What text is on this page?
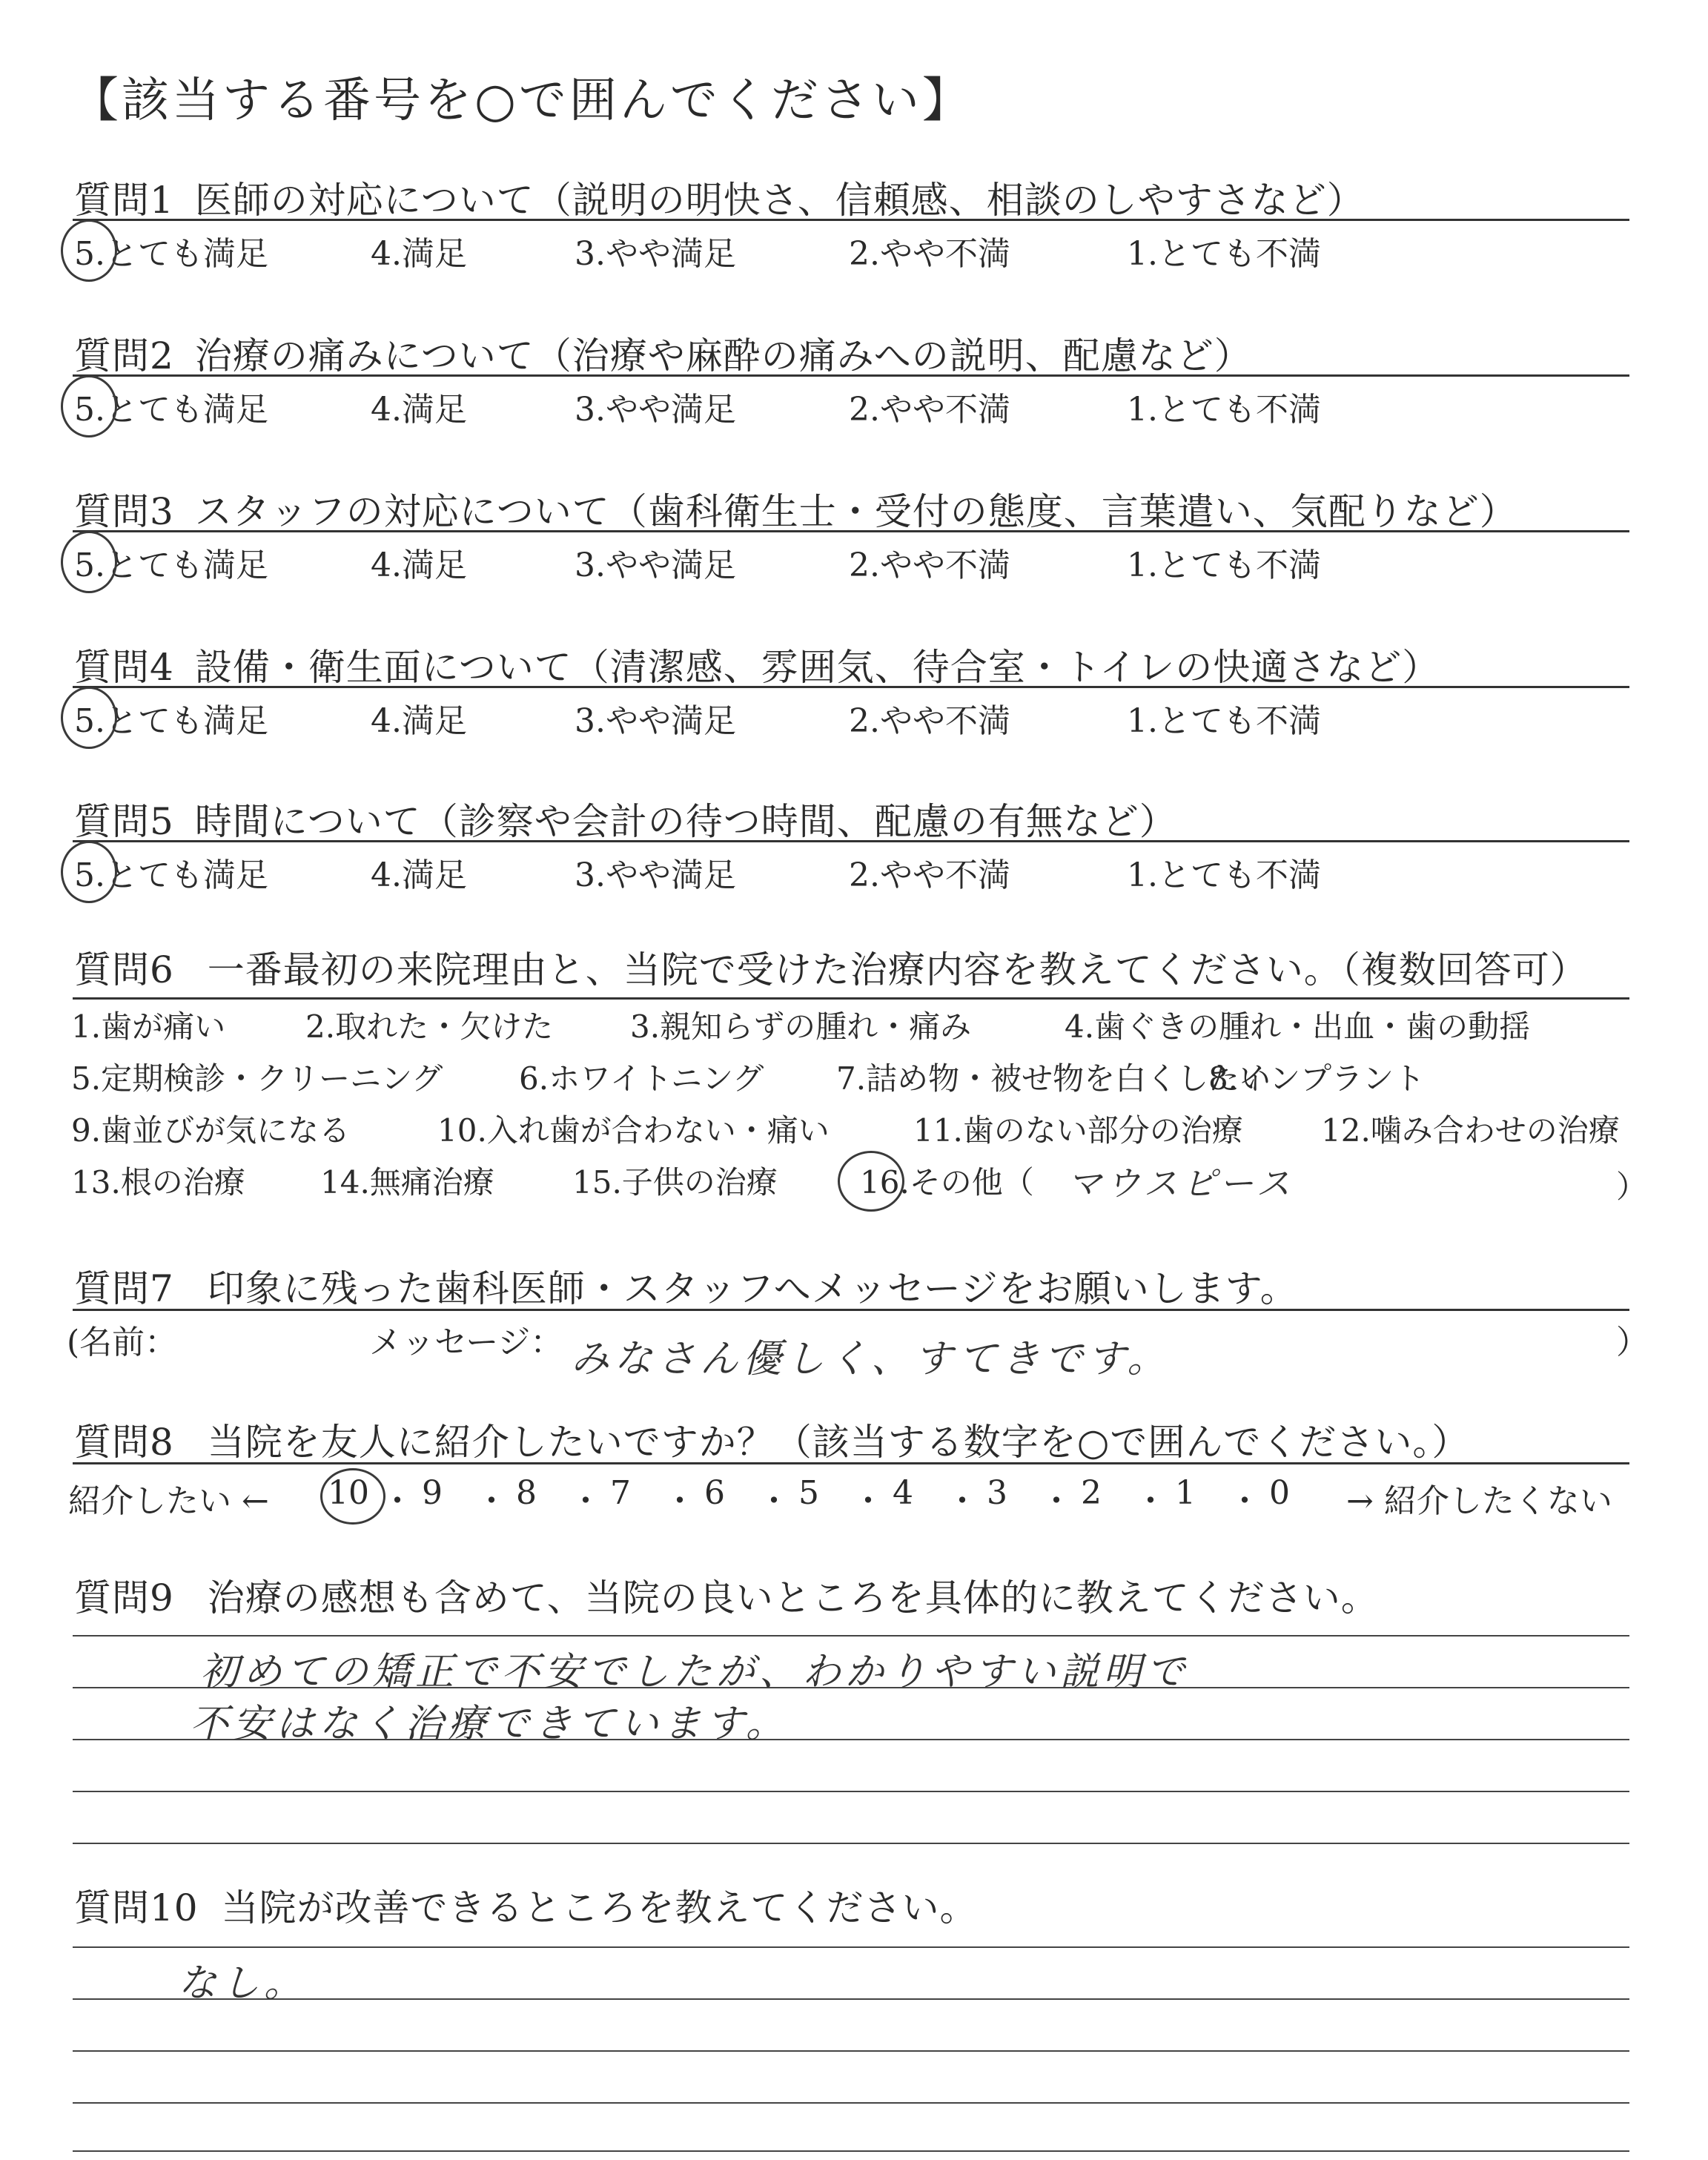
【該当する番号を○で囲んでください】
質問1 医師の対応について（説明の明快さ、信頼感、相談のしやすさなど）
5.とても満足	4.満足	3.やや満足	2.やや不満	1.とても不満
質問2 治療の痛みについて（治療や麻酔の痛みへの説明、配慮など）
5.とても満足	4.満足	3.やや満足	2.やや不満	1.とても不満
質問3 スタッフの対応について（歯科衛生士・受付の態度、言葉遣い、気配りなど）
5.とても満足	4.満足	3.やや満足	2.やや不満	1.とても不満
質問4 設備・衛生面について（清潔感、雰囲気、待合室・トイレの快適さなど）
5.とても満足	4.満足	3.やや満足	2.やや不満	1.とても不満
質問5 時間について（診察や会計の待つ時間、配慮の有無など）
5.とても満足	4.満足	3.やや満足	2.やや不満	1.とても不満
質問6 一番最初の来院理由と、当院で受けた治療内容を教えてください。（複数回答可）
1.歯が痛い	2.取れた・欠けた 3.親知らずの腫れ・痛み	4.歯ぐきの腫れ・出血・歯の動揺
5.定期検診・クリーニング 6.ホワイトニング 7.詰め物・被せ物を白くしたい
8.インプラント
9.歯並びが気になる	10.入れ歯が合わない・痛い	11.歯のない部分の治療	12.噛み合わせの治療
13.根の治療 14.無痛治療	15.子供の治療	16.その他（ マウスピース	）
質問7 印象に残った歯科医師・スタッフへメッセージをお願いします。
(名前：	メッセージ： みなさん優しく、すてきです。	）
質問8 当院を友人に紹介したいですか？（該当する数字を○で囲んでください。）
紹介したい ← 10 ・ 9 ・ 8 ・ 7 ・ 6 ・ 5 ・ 4 ・ 3 ・ 2 ・ 1 ・ 0 → 紹介したくない
質問9 治療の感想も含めて、当院の良いところを具体的に教えてください。
初めての矯正で不安でしたが、わかりやすい説明で
不安はなく治療できています。
質問10 当院が改善できるところを教えてください。
なし。
